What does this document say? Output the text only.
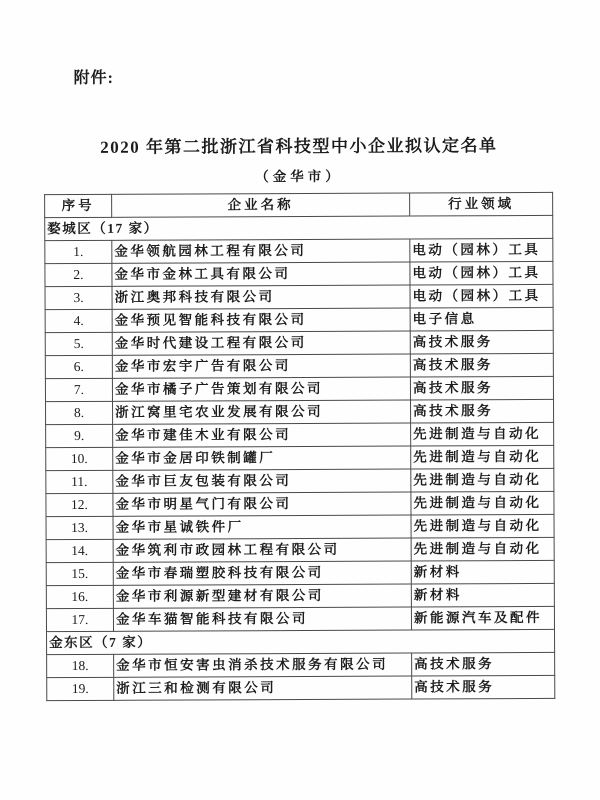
附件:
2020 年第二批浙江省科技型中小企业拟认定名单
（金华市）
序号	企业名称	行业领域
婺城区（17 家）		
1.	金华领航园林工程有限公司	电动（园林）工具
2.	金华市金林工具有限公司	电动（园林）工具
3.	浙江奥邦科技有限公司	电动（园林）工具
4.	金华预见智能科技有限公司	电子信息
5.	金华时代建设工程有限公司	高技术服务
6.	金华市宏宇广告有限公司	高技术服务
7.	金华市橘子广告策划有限公司	高技术服务
8.	浙江窝里宅农业发展有限公司	高技术服务
9.	金华市建佳木业有限公司	先进制造与自动化
10.	金华市金居印铁制罐厂	先进制造与自动化
11.	金华市巨友包装有限公司	先进制造与自动化
12.	金华市明星气门有限公司	先进制造与自动化
13.	金华市星诚铁件厂	先进制造与自动化
14.	金华筑利市政园林工程有限公司	先进制造与自动化
15.	金华市春瑞塑胶科技有限公司	新材料
16.	金华市利源新型建材有限公司	新材料
17.	金华车猫智能科技有限公司	新能源汽车及配件
金东区（7 家）		
18.	金华市恒安害虫消杀技术服务有限公司	高技术服务
19.	浙江三和检测有限公司	高技术服务
